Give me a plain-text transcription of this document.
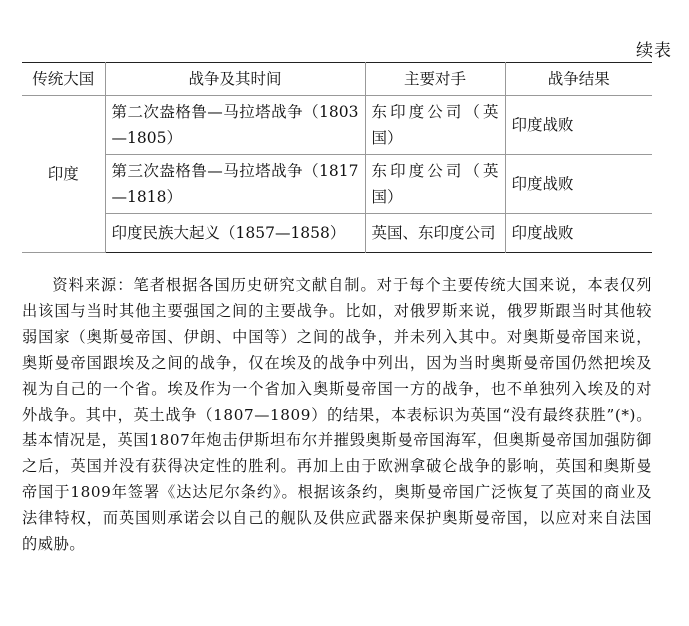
续表
传统大国	战争及其时间	主要对手	战争结果
印度	第二次盎格鲁—马拉塔战争（1803—1805）	东印度公司（英国）	印度战败
	第三次盎格鲁—马拉塔战争（1817—1818）	东印度公司（英国）	印度战败
	印度民族大起义（1857—1858）	英国、东印度公司	印度战败

资料来源：笔者根据各国历史研究文献自制。对于每个主要传统大国来说，本表仅列出该国与当时其他主要强国之间的主要战争。比如，对俄罗斯来说，俄罗斯跟当时其他较弱国家（奥斯曼帝国、伊朗、中国等）之间的战争，并未列入其中。对奥斯曼帝国来说，奥斯曼帝国跟埃及之间的战争，仅在埃及的战争中列出，因为当时奥斯曼帝国仍然把埃及视为自己的一个省。埃及作为一个省加入奥斯曼帝国一方的战争，也不单独列入埃及的对外战争。其中，英土战争（1807—1809）的结果，本表标识为英国“没有最终获胜”(*)。基本情况是，英国1807年炮击伊斯坦布尔并摧毁奥斯曼帝国海军，但奥斯曼帝国加强防御之后，英国并没有获得决定性的胜利。再加上由于欧洲拿破仑战争的影响，英国和奥斯曼帝国于1809年签署《达达尼尔条约》。根据该条约，奥斯曼帝国广泛恢复了英国的商业及法律特权，而英国则承诺会以自己的舰队及供应武器来保护奥斯曼帝国，以应对来自法国的威胁。
